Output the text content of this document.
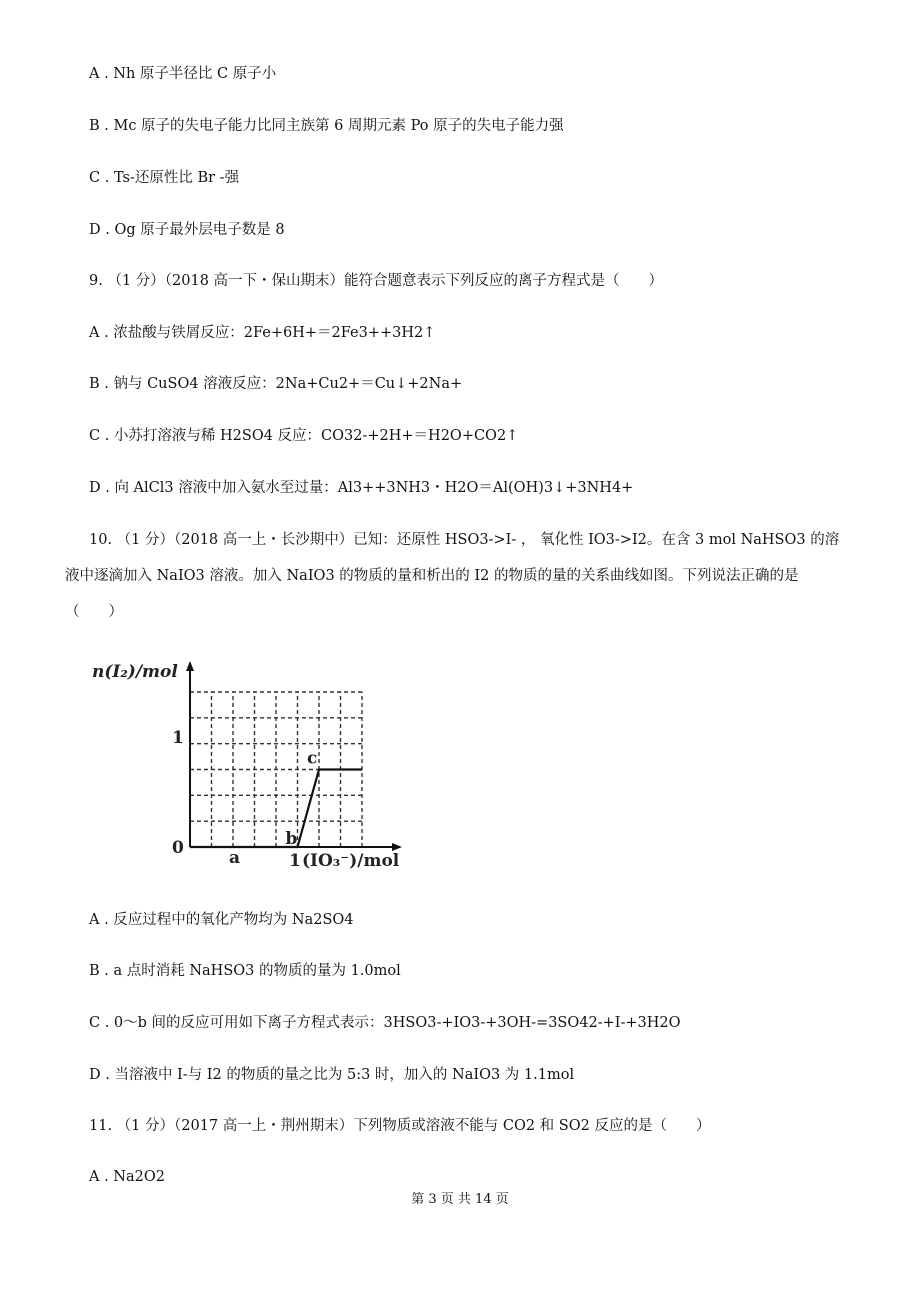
A . Nh 原子半径比 C 原子小
B . Mc 原子的失电子能力比同主族第 6 周期元素 Po 原子的失电子能力强
C . Ts-还原性比 Br -强
D . Og 原子最外层电子数是 8
9. （1 分）（2018 高一下・保山期末）能符合题意表示下列反应的离子方程式是（　　）
A . 浓盐酸与铁屑反应：2Fe+6H+＝2Fe3++3H2↑
B . 钠与 CuSO4 溶液反应：2Na+Cu2+＝Cu↓+2Na+
C . 小苏打溶液与稀 H2SO4 反应：CO32-+2H+＝H2O+CO2↑
D . 向 AlCl3 溶液中加入氨水至过量：Al3++3NH3・H2O＝Al(OH)3↓+3NH4+
10. （1 分）（2018 高一上・长沙期中）已知：还原性 HSO3->I- ， 氧化性 IO3->I2。在含 3 mol NaHSO3 的溶
液中逐滴加入 NaIO3 溶液。加入 NaIO3 的物质的量和析出的 I2 的物质的量的关系曲线如图。下列说法正确的是
（　　）
n(I₂)/mol
(IO₃⁻)/mol
1
1
0	a
b
c
A . 反应过程中的氧化产物均为 Na2SO4
B . a 点时消耗 NaHSO3 的物质的量为 1.0mol
C . 0～b 间的反应可用如下离子方程式表示：3HSO3-+IO3-+3OH-=3SO42-+I-+3H2O
D . 当溶液中 I-与 I2 的物质的量之比为 5:3 时，加入的 NaIO3 为 1.1mol
11. （1 分）（2017 高一上・荆州期末）下列物质或溶液不能与 CO2 和 SO2 反应的是（　　）
A . Na2O2
第 3 页 共 14 页
